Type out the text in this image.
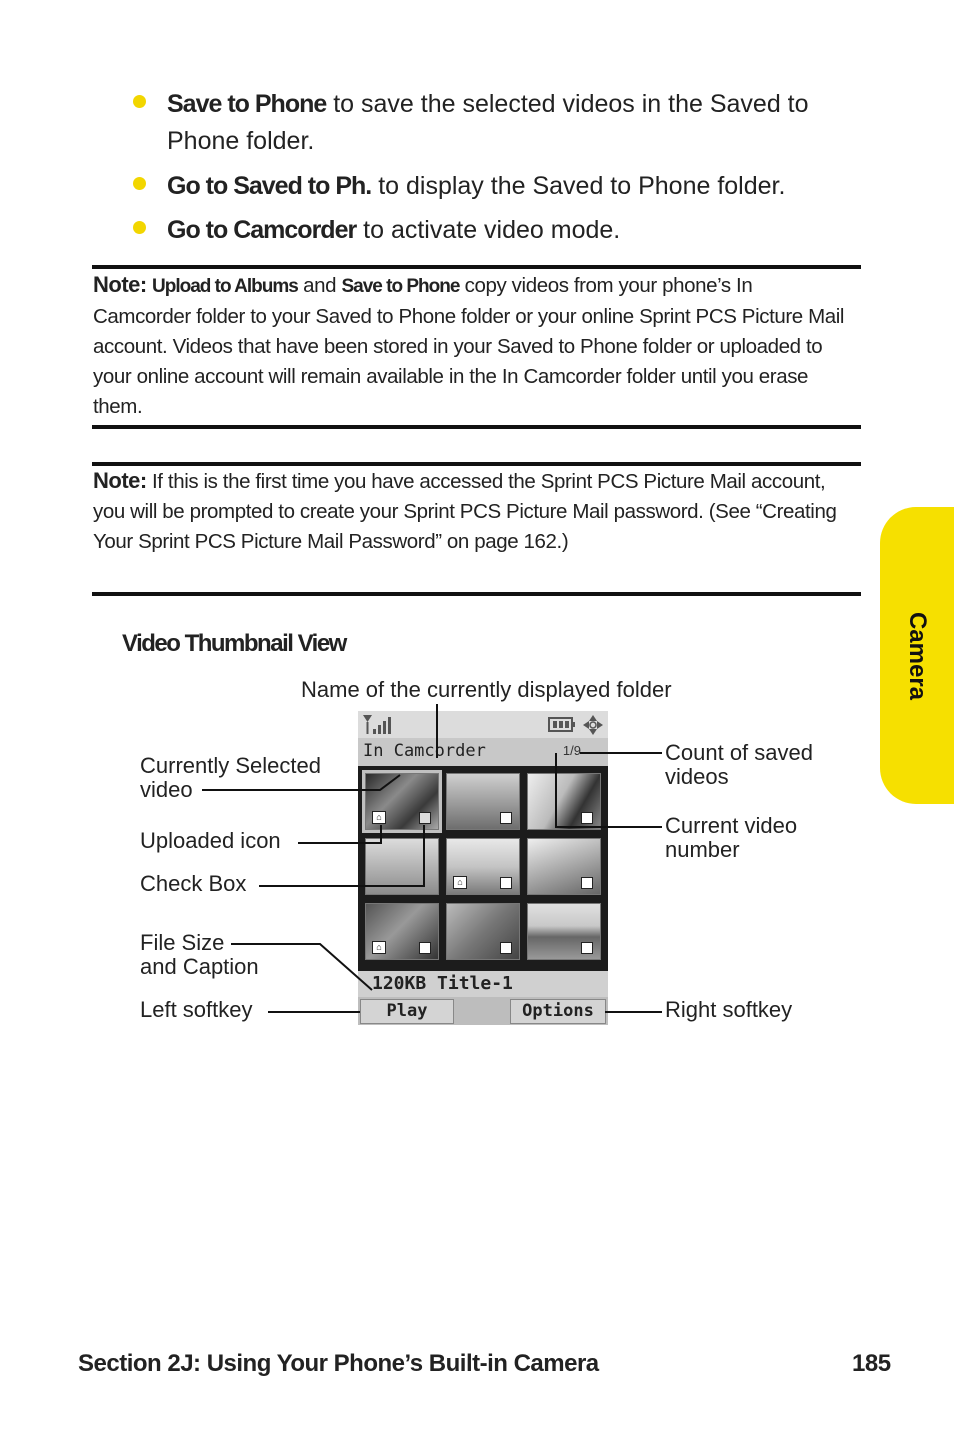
Save to Phone to save the selected videos in the Saved to Phone folder.
Go to Saved to Ph. to display the Saved to Phone folder.
Go to Camcorder to activate video mode.
Note: Upload to Albums and Save to Phone copy videos from your phone’s In Camcorder folder to your Saved to Phone folder or your online Sprint PCS Picture Mail account. Videos that have been stored in your Saved to Phone folder or uploaded to your online account will remain available in the In Camcorder folder until you erase them.
Note: If this is the first time you have accessed the Sprint PCS Picture Mail account, you will be prompted to create your Sprint PCS Picture Mail password. (See “Creating Your Sprint PCS Picture Mail Password” on page 162.)
Video Thumbnail View
Name of the currently displayed folder
Currently Selected
video
Uploaded icon
Check Box
File Size
and Caption
Left softkey
Count of saved
videos
Current video
number
Right softkey
In Camcorder	1/9
⌂
⌂
⌂
120KB Title-1
Play	Options
Camera
Section 2J: Using Your Phone’s Built-in Camera	185
